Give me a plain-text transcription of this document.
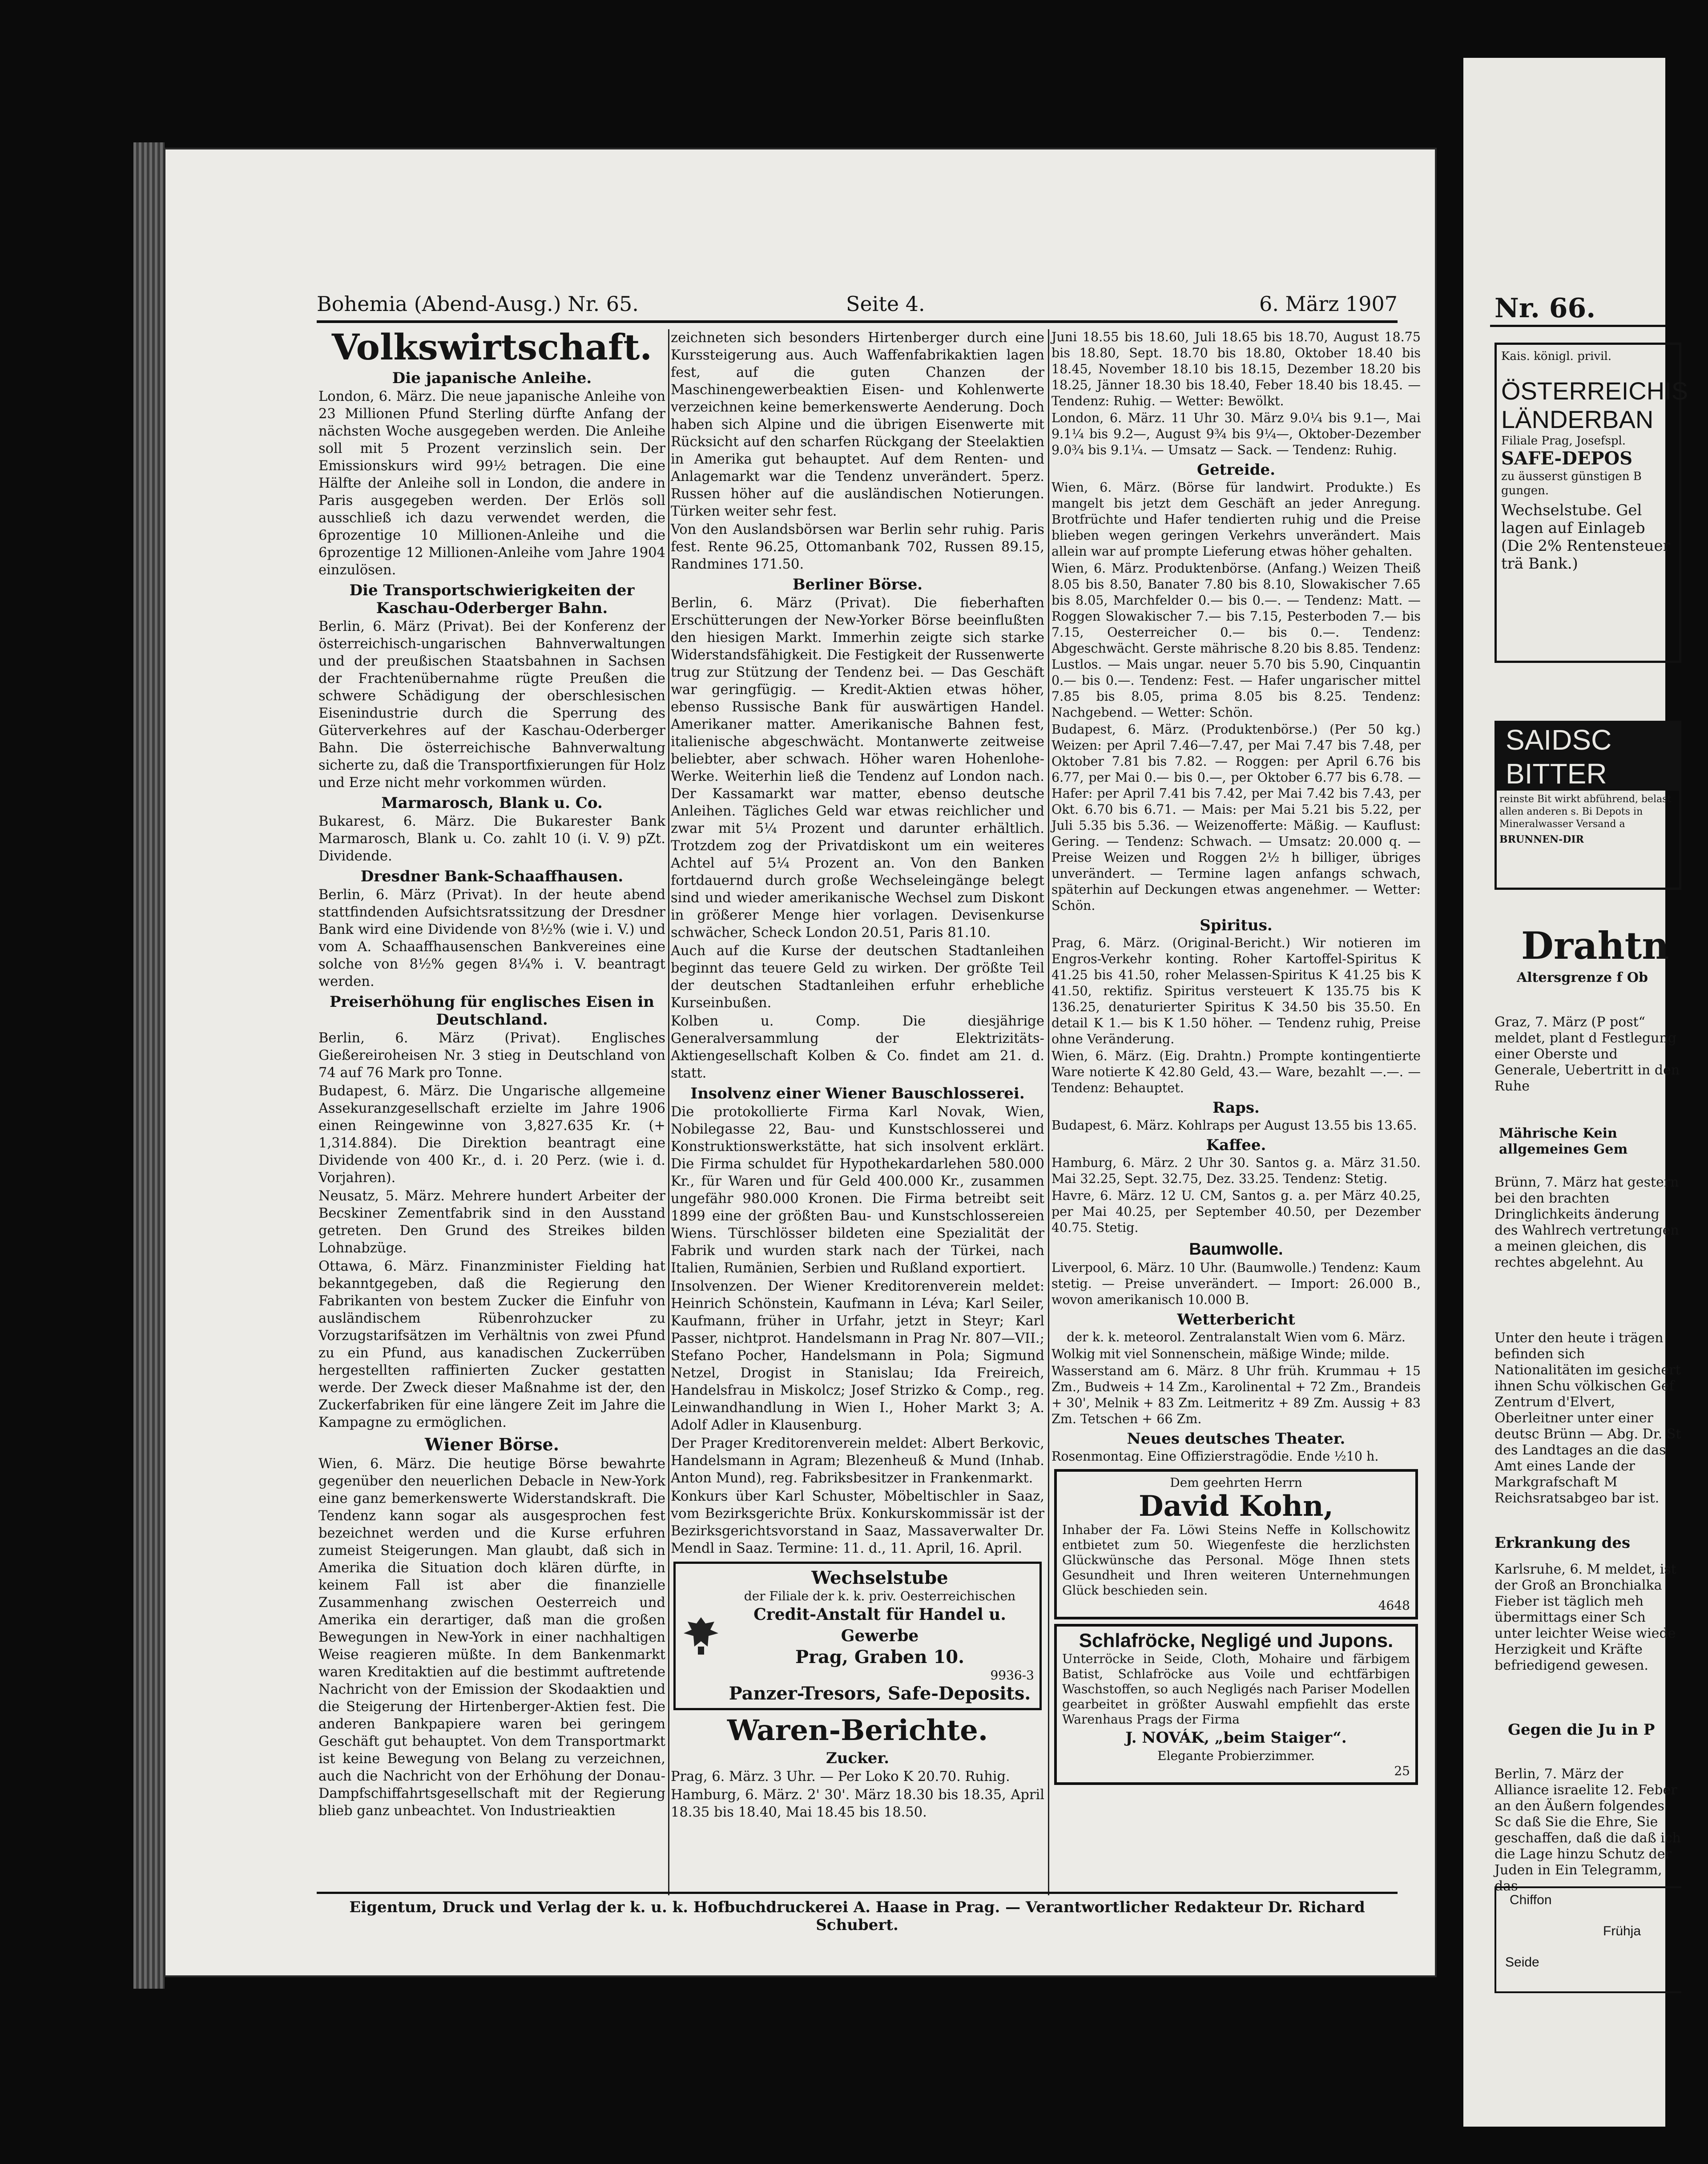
Bohemia (Abend-Ausg.) Nr. 65.	Seite 4.	6. März 1907
Volkswirtschaft.
Die japanische Anleihe.

London, 6. März. Die neue japanische Anleihe von 23 Millionen Pfund Sterling dürfte Anfang der nächsten Woche ausgegeben werden. Die Anleihe soll mit 5 Prozent verzinslich sein. Der Emissionskurs wird 99½ betragen. Die eine Hälfte der Anleihe soll in London, die andere in Paris ausgegeben werden. Der Erlös soll ausschließ ich dazu verwendet werden, die 6prozentige 10 Millionen-Anleihe und die 6prozentige 12 Millionen-Anleihe vom Jahre 1904 einzulösen.

Die Transportschwierigkeiten der Kaschau-Oderberger Bahn.

Berlin, 6. März (Privat). Bei der Konferenz der österreichisch-ungarischen Bahnverwaltungen und der preußischen Staatsbahnen in Sachsen der Frachtenübernahme rügte Preußen die schwere Schädigung der oberschlesischen Eisenindustrie durch die Sperrung des Güterverkehres auf der Kaschau-Oderberger Bahn. Die österreichische Bahnverwaltung sicherte zu, daß die Transportfixierungen für Holz und Erze nicht mehr vorkommen würden.

Marmarosch, Blank u. Co.

Bukarest, 6. März. Die Bukarester Bank Marmarosch, Blank u. Co. zahlt 10 (i. V. 9) pZt. Dividende.

Dresdner Bank-Schaaffhausen.

Berlin, 6. März (Privat). In der heute abend stattfindenden Aufsichtsratssitzung der Dresdner Bank wird eine Dividende von 8½% (wie i. V.) und vom A. Schaaffhausenschen Bankvereines eine solche von 8½% gegen 8¼% i. V. beantragt werden.

Preiserhöhung für englisches Eisen in Deutschland.

Berlin, 6. März (Privat). Englisches Gießereiroheisen Nr. 3 stieg in Deutschland von 74 auf 76 Mark pro Tonne.

Budapest, 6. März. Die Ungarische allgemeine Assekuranzgesellschaft erzielte im Jahre 1906 einen Reingewinne von 3,827.635 Kr. (+ 1,314.884). Die Direktion beantragt eine Dividende von 400 Kr., d. i. 20 Perz. (wie i. d. Vorjahren).

Neusatz, 5. März. Mehrere hundert Arbeiter der Becskiner Zementfabrik sind in den Ausstand getreten. Den Grund des Streikes bilden Lohnabzüge.

Ottawa, 6. März. Finanzminister Fielding hat bekanntgegeben, daß die Regierung den Fabrikanten von bestem Zucker die Einfuhr von ausländischem Rübenrohzucker zu Vorzugstarifsätzen im Verhältnis von zwei Pfund zu ein Pfund, aus kanadischen Zuckerrüben hergestellten raffinierten Zucker gestatten werde. Der Zweck dieser Maßnahme ist der, den Zuckerfabriken für eine längere Zeit im Jahre die Kampagne zu ermöglichen.

Wiener Börse.

Wien, 6. März. Die heutige Börse bewahrte gegenüber den neuerlichen Debacle in New-York eine ganz bemerkenswerte Widerstandskraft. Die Tendenz kann sogar als ausgesprochen fest bezeichnet werden und die Kurse erfuhren zumeist Steigerungen. Man glaubt, daß sich in Amerika die Situation doch klären dürfte, in keinem Fall ist aber die finanzielle Zusammenhang zwischen Oesterreich und Amerika ein derartiger, daß man die großen Bewegungen in New-York in einer nachhaltigen Weise reagieren müßte. In dem Bankenmarkt waren Kreditaktien auf die bestimmt auftretende Nachricht von der Emission der Skodaaktien und die Steigerung der Hirtenberger-Aktien fest. Die anderen Bankpapiere waren bei geringem Geschäft gut behauptet. Von dem Transportmarkt ist keine Bewegung von Belang zu verzeichnen, auch die Nachricht von der Erhöhung der Donau-Dampfschiffahrtsgesellschaft mit der Regierung blieb ganz unbeachtet. Von Industrieaktien

zeichneten sich besonders Hirtenberger durch eine Kurssteigerung aus. Auch Waffenfabrikaktien lagen fest, auf die guten Chanzen der Maschinengewerbeaktien Eisen- und Kohlenwerte verzeichnen keine bemerkenswerte Aenderung. Doch haben sich Alpine und die übrigen Eisenwerte mit Rücksicht auf den scharfen Rückgang der Steelaktien in Amerika gut behauptet. Auf dem Renten- und Anlagemarkt war die Tendenz unverändert. 5perz. Russen höher auf die ausländischen Notierungen. Türken weiter sehr fest.

Von den Auslandsbörsen war Berlin sehr ruhig. Paris fest. Rente 96.25, Ottomanbank 702, Russen 89.15, Randmines 171.50.

Berliner Börse.

Berlin, 6. März (Privat). Die fieberhaften Erschütterungen der New-Yorker Börse beeinflußten den hiesigen Markt. Immerhin zeigte sich starke Widerstandsfähigkeit. Die Festigkeit der Russenwerte trug zur Stützung der Tendenz bei. — Das Geschäft war geringfügig. — Kredit-Aktien etwas höher, ebenso Russische Bank für auswärtigen Handel. Amerikaner matter. Amerikanische Bahnen fest, italienische abgeschwächt. Montanwerte zeitweise beliebter, aber schwach. Höher waren Hohenlohe-Werke. Weiterhin ließ die Tendenz auf London nach. Der Kassamarkt war matter, ebenso deutsche Anleihen. Tägliches Geld war etwas reichlicher und zwar mit 5¼ Prozent und darunter erhältlich. Trotzdem zog der Privatdiskont um ein weiteres Achtel auf 5¼ Prozent an. Von den Banken fortdauernd durch große Wechseleingänge belegt sind und wieder amerikanische Wechsel zum Diskont in größerer Menge hier vorlagen. Devisenkurse schwächer, Scheck London 20.51, Paris 81.10.

Auch auf die Kurse der deutschen Stadtanleihen beginnt das teuere Geld zu wirken. Der größte Teil der deutschen Stadtanleihen erfuhr erhebliche Kurseinbußen.

Kolben u. Comp. Die diesjährige Generalversammlung der Elektrizitäts-Aktiengesellschaft Kolben & Co. findet am 21. d. statt.

Insolvenz einer Wiener Bauschlosserei.

Die protokollierte Firma Karl Novak, Wien, Nobilegasse 22, Bau- und Kunstschlosserei und Konstruktionswerkstätte, hat sich insolvent erklärt. Die Firma schuldet für Hypothekardarlehen 580.000 Kr., für Waren und für Geld 400.000 Kr., zusammen ungefähr 980.000 Kronen. Die Firma betreibt seit 1899 eine der größten Bau- und Kunstschlossereien Wiens. Türschlösser bildeten eine Spezialität der Fabrik und wurden stark nach der Türkei, nach Italien, Rumänien, Serbien und Rußland exportiert.

Insolvenzen. Der Wiener Kreditorenverein meldet: Heinrich Schönstein, Kaufmann in Léva; Karl Seiler, Kaufmann, früher in Urfahr, jetzt in Steyr; Karl Passer, nichtprot. Handelsmann in Prag Nr. 807—VII.; Stefano Pocher, Handelsmann in Pola; Sigmund Netzel, Drogist in Stanislau; Ida Freireich, Handelsfrau in Miskolcz; Josef Strizko & Comp., reg. Leinwandhandlung in Wien I., Hoher Markt 3; A. Adolf Adler in Klausenburg.

Der Prager Kreditorenverein meldet: Albert Berkovic, Handelsmann in Agram; Blezenheuß & Mund (Inhab. Anton Mund), reg. Fabriksbesitzer in Frankenmarkt.

Konkurs über Karl Schuster, Möbeltischler in Saaz, vom Bezirksgerichte Brüx. Konkurskommissär ist der Bezirksgerichtsvorstand in Saaz, Massaverwalter Dr. Mendl in Saaz. Termine: 11. d., 11. April, 16. April.

Wechselstube
der Filiale der k. k. priv. Oesterreichischen
Credit-Anstalt für Handel u. Gewerbe
Prag, Graben 10.
9936-3
Panzer-Tresors, Safe-Deposits.
Waren-Berichte.
Zucker.

Prag, 6. März. 3 Uhr. — Per Loko K 20.70. Ruhig.

Hamburg, 6. März. 2' 30'. März 18.30 bis 18.35, April 18.35 bis 18.40, Mai 18.45 bis 18.50.

Juni 18.55 bis 18.60, Juli 18.65 bis 18.70, August 18.75 bis 18.80, Sept. 18.70 bis 18.80, Oktober 18.40 bis 18.45, November 18.10 bis 18.15, Dezember 18.20 bis 18.25, Jänner 18.30 bis 18.40, Feber 18.40 bis 18.45. — Tendenz: Ruhig. — Wetter: Bewölkt.

London, 6. März. 11 Uhr 30. März 9.0¼ bis 9.1—, Mai 9.1¼ bis 9.2—, August 9¾ bis 9¼—, Oktober-Dezember 9.0¾ bis 9.1¼. — Umsatz — Sack. — Tendenz: Ruhig.

Getreide.

Wien, 6. März. (Börse für landwirt. Produkte.) Es mangelt bis jetzt dem Geschäft an jeder Anregung. Brotfrüchte und Hafer tendierten ruhig und die Preise blieben wegen geringen Verkehrs unverändert. Mais allein war auf prompte Lieferung etwas höher gehalten.

Wien, 6. März. Produktenbörse. (Anfang.) Weizen Theiß 8.05 bis 8.50, Banater 7.80 bis 8.10, Slowakischer 7.65 bis 8.05, Marchfelder 0.— bis 0.—. — Tendenz: Matt. — Roggen Slowakischer 7.— bis 7.15, Pesterboden 7.— bis 7.15, Oesterreicher 0.— bis 0.—. Tendenz: Abgeschwächt. Gerste mährische 8.20 bis 8.85. Tendenz: Lustlos. — Mais ungar. neuer 5.70 bis 5.90, Cinquantin 0.— bis 0.—. Tendenz: Fest. — Hafer ungarischer mittel 7.85 bis 8.05, prima 8.05 bis 8.25. Tendenz: Nachgebend. — Wetter: Schön.

Budapest, 6. März. (Produktenbörse.) (Per 50 kg.) Weizen: per April 7.46—7.47, per Mai 7.47 bis 7.48, per Oktober 7.81 bis 7.82. — Roggen: per April 6.76 bis 6.77, per Mai 0.— bis 0.—, per Oktober 6.77 bis 6.78. — Hafer: per April 7.41 bis 7.42, per Mai 7.42 bis 7.43, per Okt. 6.70 bis 6.71. — Mais: per Mai 5.21 bis 5.22, per Juli 5.35 bis 5.36. — Weizenofferte: Mäßig. — Kauflust: Gering. — Tendenz: Schwach. — Umsatz: 20.000 q. — Preise Weizen und Roggen 2½ h billiger, übriges unverändert. — Termine lagen anfangs schwach, späterhin auf Deckungen etwas angenehmer. — Wetter: Schön.

Spiritus.

Prag, 6. März. (Original-Bericht.) Wir notieren im Engros-Verkehr konting. Roher Kartoffel-Spiritus K 41.25 bis 41.50, roher Melassen-Spiritus K 41.25 bis K 41.50, rektifiz. Spiritus versteuert K 135.75 bis K 136.25, denaturierter Spiritus K 34.50 bis 35.50. En detail K 1.— bis K 1.50 höher. — Tendenz ruhig, Preise ohne Veränderung.

Wien, 6. März. (Eig. Drahtn.) Prompte kontingentierte Ware notierte K 42.80 Geld, 43.— Ware, bezahlt —.—. — Tendenz: Behauptet.

Raps.

Budapest, 6. März. Kohlraps per August 13.55 bis 13.65.

Kaffee.

Hamburg, 6. März. 2 Uhr 30. Santos g. a. März 31.50. Mai 32.25, Sept. 32.75, Dez. 33.25. Tendenz: Stetig.

Havre, 6. März. 12 U. CM, Santos g. a. per März 40.25, per Mai 40.25, per September 40.50, per Dezember 40.75. Stetig.

Baumwolle.

Liverpool, 6. März. 10 Uhr. (Baumwolle.) Tendenz: Kaum stetig. — Preise unverändert. — Import: 26.000 B., wovon amerikanisch 10.000 B.

Wetterbericht

der k. k. meteorol. Zentralanstalt Wien vom 6. März.

Wolkig mit viel Sonnenschein, mäßige Winde; milde.

Wasserstand am 6. März. 8 Uhr früh. Krummau + 15 Zm., Budweis + 14 Zm., Karolinental + 72 Zm., Brandeis + 30', Melnik + 83 Zm. Leitmeritz + 89 Zm. Aussig + 83 Zm. Tetschen + 66 Zm.

Neues deutsches Theater.

Rosenmontag. Eine Offizierstragödie. Ende ½10 h.

Dem geehrten Herrn
David Kohn,
Inhaber der Fa. Löwi Steins Neffe in Kollschowitz entbietet zum 50. Wiegenfeste die herzlichsten Glückwünsche das Personal. Möge Ihnen stets Gesundheit und Ihren weiteren Unternehmungen Glück beschieden sein.
4648
Schlafröcke, Negligé und Jupons.
Unterröcke in Seide, Cloth, Mohaire und färbigem Batist, Schlafröcke aus Voile und echtfärbigen Waschstoffen, so auch Negligés nach Pariser Modellen gearbeitet in größter Auswahl empfiehlt das erste Warenhaus Prags der Firma
J. NOVÁK, „beim Staiger“.
Elegante Probierzimmer.
25
Eigentum, Druck und Verlag der k. u. k. Hofbuchdruckerei A. Haase in Prag. — Verantwortlicher Redakteur Dr. Richard Schubert.
Nr. 66.
Kais. königl. privil.
ÖSTERREICHIS
LÄNDERBAN
Filiale Prag, Josefspl.
SAFE-DEPOS
zu äusserst günstigen B gungen.
Wechselstube. Gel lagen auf Einlageb (Die 2% Rentensteuer trä Bank.)
SAIDSC
BITTER
reinste Bit wirkt abführend, belast allen anderen s. Bi Depots in Mineralwasser Versand a
BRUNNEN-DIR
Drahtn
Altersgrenze f Ob
Graz, 7. März (P post“ meldet, plant d Festlegung einer Oberste und Generale, Uebertritt in den Ruhe
Mährische Kein allgemeines Gem
Brünn, 7. März hat gestern bei den brachten Dringlichkeits änderung des Wahlrech vertretungen a meinen gleichen, dis rechtes abgelehnt. Au
Unter den heute i trägen befinden sich Nationalitäten im gesichert ihnen Schu völkischen Gef Zentrum d'Elvert, Oberleitner unter einer deutsc Brünn — Abg. Dr. St des Landtages an die das Amt eines Lande der Markgrafschaft M Reichsratsabgeo bar ist.
Erkrankung des
Karlsruhe, 6. M meldet, ist der Groß an Bronchialka Fieber ist täglich meh übermittags einer Sch unter leichter Weise wiede Herzigkeit und Kräfte befriedigend gewesen.
Gegen die Ju in P
Berlin, 7. März der Alliance israelite 12. Feber an den Äußern folgendes Sc daß Sie die Ehre, Sie geschaffen, daß die daß ich die Lage hinzu Schutz der Juden in Ein Telegramm, das
Chiffon
Frühja
Seide
